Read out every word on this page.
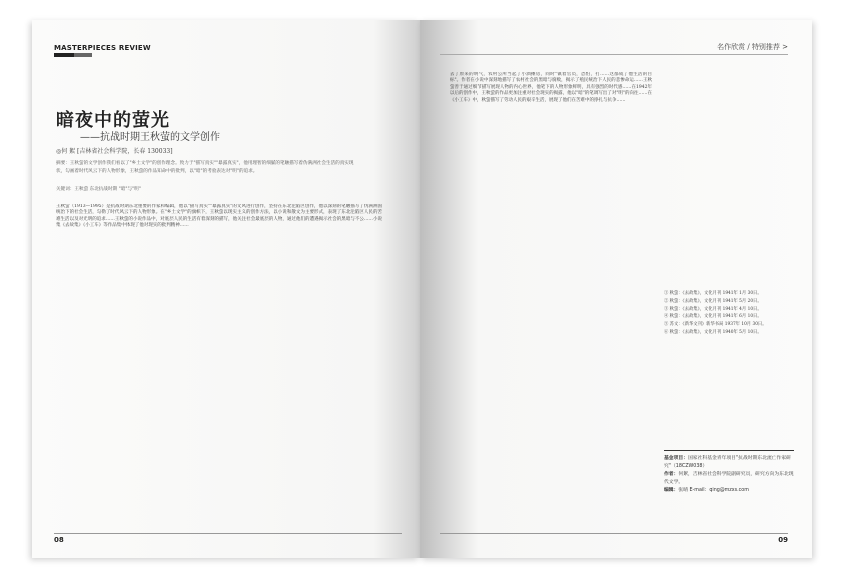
MASTERPIECES REVIEW
暗夜中的萤光
——抗战时期王秋萤的文学创作
◎何 絮 [吉林省社会科学院，长春 130033]
摘要：王秋萤的文学创作我们看以了"乡土文学"的创作理念。致力于"描写真实""暴露真实"，他用理智的细腻的笔触描写着伪满洲社会生活的真实现状，勾画着时代风云下的人物形象，王秋萤的作品知命中的批判，以"暗"的考验表达对"明"的追求。
关键词：王秋萤 东北抗战时期 "暗"与"明"
王秋萤（1913—1995）是抗战时期东北重要的作家和编辑，他以"描写真实""暴露真实"的文风进行创作，坚持在东北沦陷区创作，他以深刻的笔触描写了伪满洲国统治下的社会生活，勾勒了时代风云下的人物形象。在"乡土文学"的旗帜下，王秋萤以现实主义的创作方法，以小说和散文为主要形式，表现了东北沦陷区人民的苦难生活以及对光明的追求……王秋萤的小说作品中，对底层人民的生活有着深刻的描写，他关注社会最底层的人物，通过他们的遭遇揭示社会的黑暗与不公……小说集《去故集》《小工车》等作品集中体现了他对现实的批判精神……
08
名作欣赏 / 特别推荐 >
去了原来的明气，农村公所当起了小酒摊房，同时"镇着官员，恐怕，打……这都成了他生活的目标"。作者在小说中深刻地描写了农村社会的黑暗与腐败，揭示了殖民统治下人民的悲惨命运……王秋萤善于通过细节描写展现人物的内心世界，他笔下的人物形象鲜明，具有强烈的时代感……在1942年以后的创作中，王秋萤的作品更加注重对社会现实的揭露，他以"暗"的笔调写出了对"明"的向往……在《小工车》中，秋萤描写了劳动人民的艰辛生活，展现了他们在苦难中的挣扎与抗争……
① 秋萤：《去故集》，文化月刊 1941年 1月 30日。
② 秋萤：《去故集》，文化月刊 1941年 5月 20日。
③ 秋萤：《去故集》，文化月刊 1941年 4月 10日。
④ 秋萤：《去故集》，文化月刊 1941年 6月 10日。
⑤ 苏文：《新华文刊》新华书局 1937年 10月 30日。
⑥ 秋萤：《去故集》，文化月刊 1940年 5月 10日。
基金项目：国家社科基金青年项目"抗战时期东北流亡作家研究"（18CZW038）
作者：何絮，吉林省社会科学院副研究员，研究方向为东北现代文学。
编辑：张晴 E-mail：qing@mzxs.com
09
